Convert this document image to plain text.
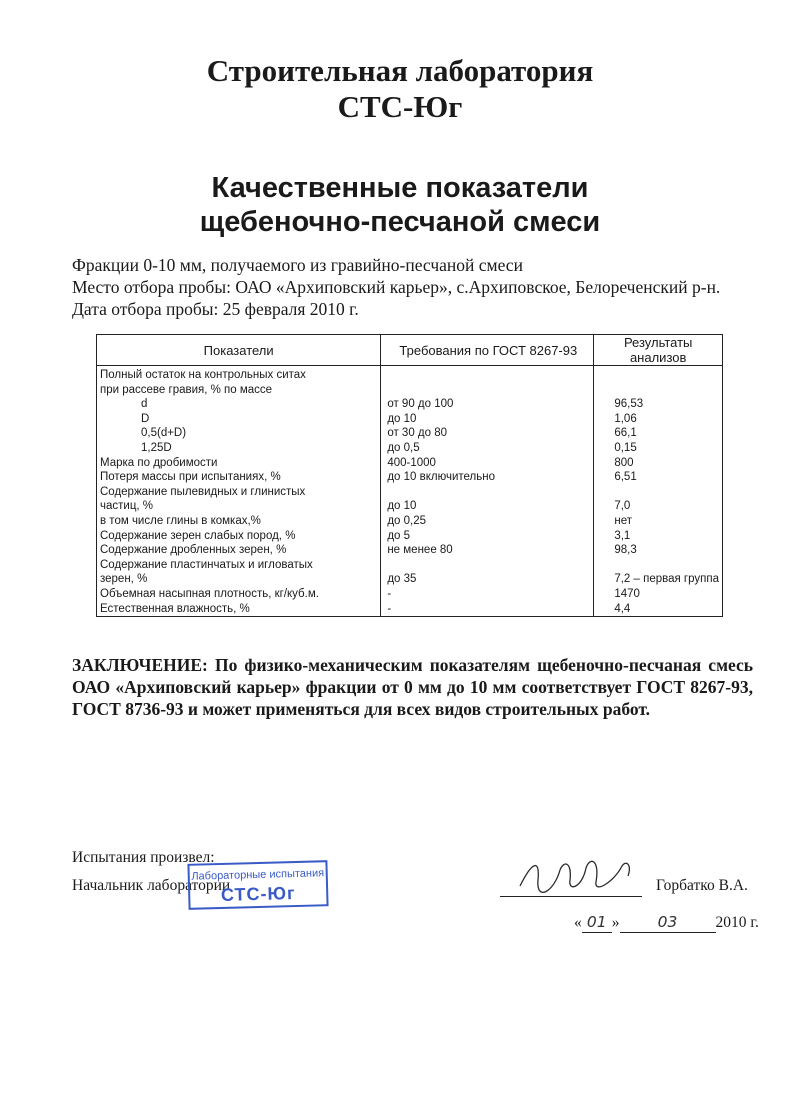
Строительная лаборатория
СТС-Юг
Качественные показатели
щебеночно-песчаной смеси
Фракции 0-10 мм, получаемого из гравийно-песчаной смеси
Место отбора пробы: ОАО «Архиповский карьер», с.Архиповское, Белореченский р-н.
Дата отбора пробы: 25 февраля 2010 г.
Показатели	Требования по ГОСТ 8267-93	Результаты анализов
Полный остаток на контрольных ситах		
при рассеве гравия, % по массе		
d	от 90 до 100	96,53
D	до 10	1,06
0,5(d+D)	от 30 до 80	66,1
1,25D	до 0,5	0,15
Марка по дробимости	400-1000	800
Потеря массы при испытаниях, %	до 10 включительно	6,51
Содержание пылевидных и глинистых		
частиц, %	до 10	7,0
в том числе глины в комках,%	до 0,25	нет
Содержание зерен слабых пород, %	до 5	3,1
Содержание дробленных зерен, %	не менее 80	98,3
Содержание пластинчатых и игловатых		
зерен, %	до 35	7,2 – первая группа
Объемная насыпная плотность, кг/куб.м.	-	1470
Естественная влажность, %	-	4,4
ЗАКЛЮЧЕНИЕ: По физико-механическим показателям щебеночно-песчаная смесь ОАО «Архиповский карьер» фракции от 0 мм до 10 мм соответствует ГОСТ 8267-93, ГОСТ 8736-93 и может применяться для всех видов строительных работ.
Испытания произвел:
Начальник лаборатории
Лабораторные испытания
СТС-Юг
	Горбатко В.А.
« 01 » 03 2010 г.
